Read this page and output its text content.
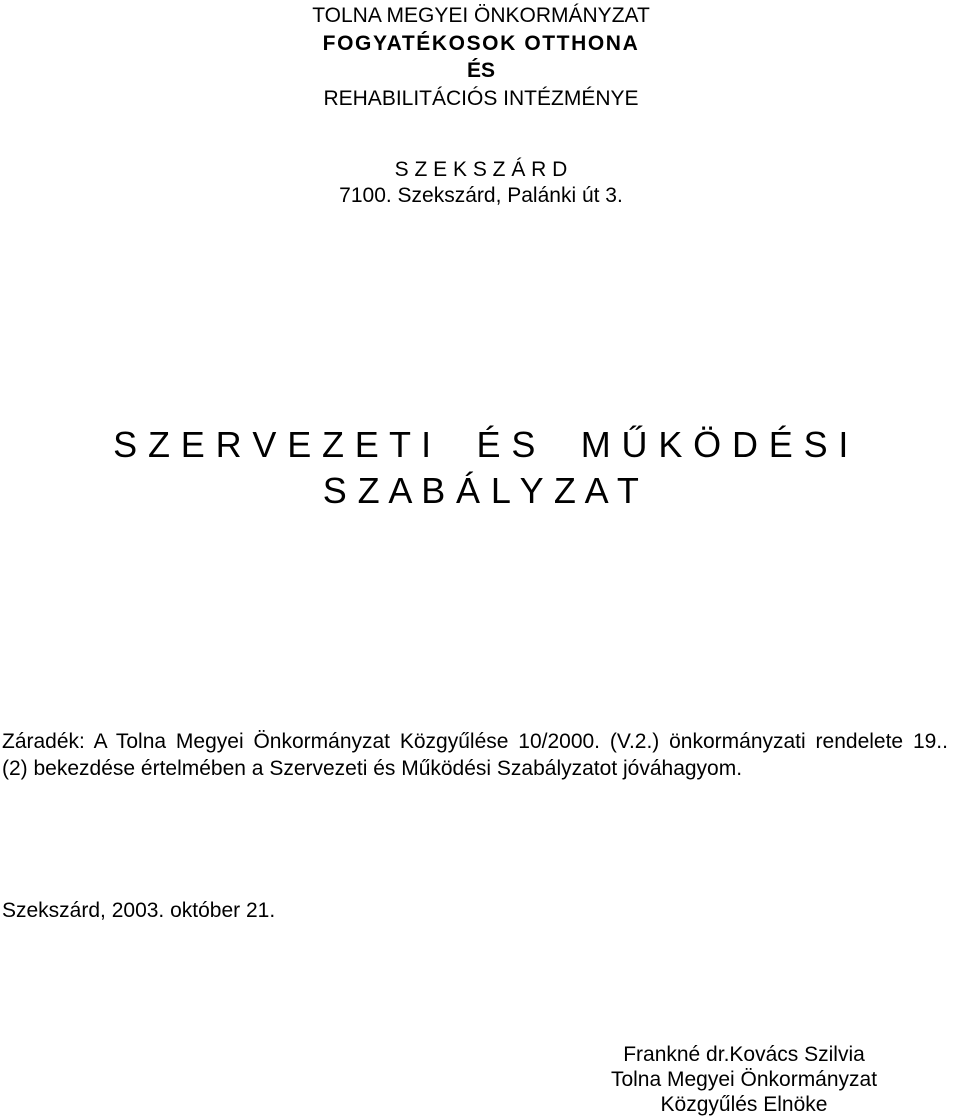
TOLNA MEGYEI ÖNKORMÁNYZAT
FOGYATÉKOSOK OTTHONA
ÉS
REHABILITÁCIÓS INTÉZMÉNYE
S Z E K S Z Á R D
7100. Szekszárd, Palánki út 3.
S Z E R V E Z E T I É S M Ű K Ö D É S I
S Z A B Á L Y Z A T
Záradék: A Tolna Megyei Önkormányzat Közgyűlése 10/2000. (V.2.) önkormányzati rendelete 19..
(2) bekezdése értelmében a Szervezeti és Működési Szabályzatot jóváhagyom.
Szekszárd, 2003. október 21.
Frankné dr.Kovács Szilvia
Tolna Megyei Önkormányzat
Közgyűlés Elnöke
